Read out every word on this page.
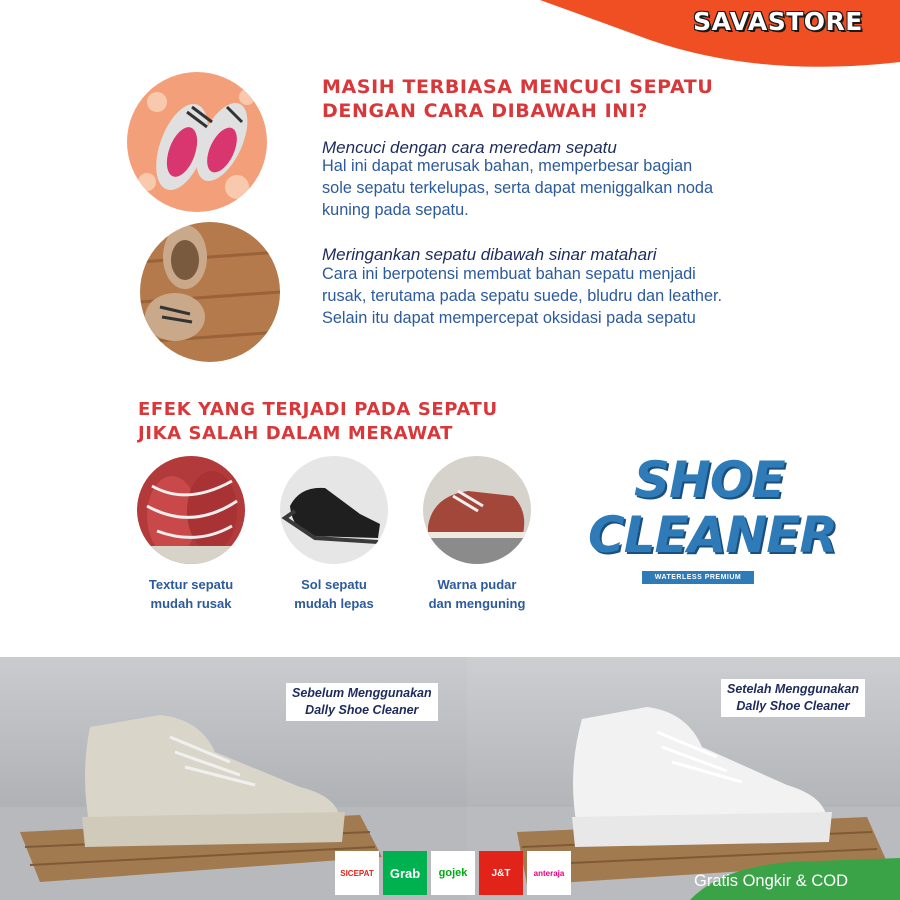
SAVASTORE
MASIH TERBIASA MENCUCI SEPATU
DENGAN CARA DIBAWAH INI?
Mencuci dengan cara meredam sepatu
Hal ini dapat merusak bahan, memperbesar bagian
sole sepatu terkelupas, serta dapat meniggalkan noda
kuning pada sepatu.
Meringankan sepatu dibawah sinar matahari
Cara ini berpotensi membuat bahan sepatu menjadi
rusak, terutama pada sepatu suede, bludru dan leather.
Selain itu dapat mempercepat oksidasi pada sepatu
EFEK YANG TERJADI PADA SEPATU
JIKA SALAH DALAM MERAWAT
Textur sepatu
mudah rusak
Sol sepatu
mudah lepas
Warna pudar
dan menguning
SHOE
CLEANER
WATERLESS PREMIUM
Sebelum Menggunakan
Dally Shoe Cleaner
Setelah Menggunakan
Dally Shoe Cleaner
SICEPAT Grab gojek J&T	anteraja	Gratis Ongkir & COD
